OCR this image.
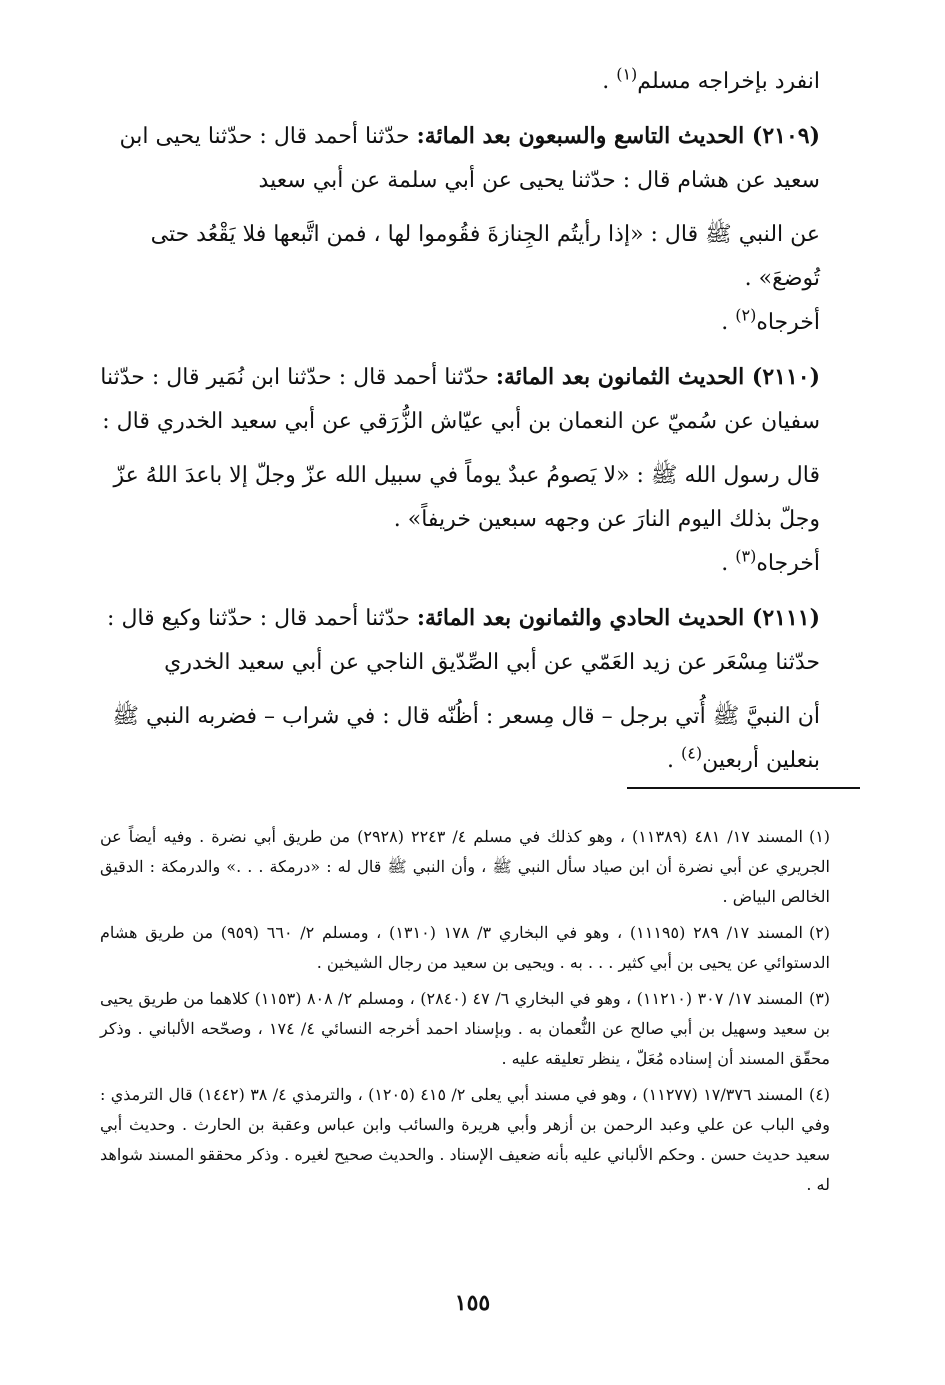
انفرد بإخراجه مسلم$^{(١)}$ .

(٢١٠٩) الحديث التاسع والسبعون بعد المائة: حدّثنا أحمد قال : حدّثنا يحيى ابن سعيد عن هشام قال : حدّثنا يحيى عن أبي سلمة عن أبي سعيد

عن النبي ﷺ قال : «إذا رأيتُم الجِنازةَ فقُوموا لها ، فمن اتَّبعها فلا يَقْعُد حتى تُوضعَ» .

أخرجاه$^{(٢)}$ .

(٢١١٠) الحديث الثمانون بعد المائة: حدّثنا أحمد قال : حدّثنا ابن نُمَير قال : حدّثنا سفيان عن سُميّ عن النعمان بن أبي عيّاش الزُّرَقي عن أبي سعيد الخدري قال :

قال رسول الله ﷺ : «لا يَصومُ عبدٌ يوماً في سبيل الله عزّ وجلّ إلا باعدَ اللهُ عزّ وجلّ بذلك اليوم النارَ عن وجهه سبعين خريفاً» .

أخرجاه$^{(٣)}$ .

(٢١١١) الحديث الحادي والثمانون بعد المائة: حدّثنا أحمد قال : حدّثنا وكيع قال : حدّثنا مِسْعَر عن زيد العَمّي عن أبي الصِّدّيق الناجي عن أبي سعيد الخدري

أن النبيَّ ﷺ أُتي برجل – قال مِسعر : أظُنّه قال : في شراب – فضربه النبي ﷺ بنعلين أربعين$^{(٤)}$ .

(١)المسند ١٧/ ٤٨١ (١١٣٨٩) ، وهو كذلك في مسلم ٤/ ٢٢٤٣ (٢٩٢٨) من طريق أبي نضرة . وفيه أيضاً عن الجريري عن أبي نضرة أن ابن صياد سأل النبي ﷺ ، وأن النبي ﷺ قال له : «درمكة . . .» والدرمكة : الدقيق الخالص البياض .

(٢)المسند ١٧/ ٢٨٩ (١١١٩٥) ، وهو في البخاري ٣/ ١٧٨ (١٣١٠) ، ومسلم ٢/ ٦٦٠ (٩٥٩) من طريق هشام الدستوائي عن يحيى بن أبي كثير . . . به . ويحيى بن سعيد من رجال الشيخين .

(٣)المسند ١٧/ ٣٠٧ (١١٢١٠) ، وهو في البخاري ٦/ ٤٧ (٢٨٤٠) ، ومسلم ٢/ ٨٠٨ (١١٥٣) كلاهما من طريق يحيى بن سعيد وسهيل بن أبي صالح عن النُّعمان به . وبإسناد احمد أخرجه النسائي ٤/ ١٧٤ ، وصحّحه الألباني . وذكر محقّق المسند أن إسناده مُعَلّ ، ينظر تعليقه عليه .

(٤)المسند ١٧/٣٧٦ (١١٢٧٧) ، وهو في مسند أبي يعلى ٢/ ٤١٥ (١٢٠٥) ، والترمذي ٤/ ٣٨ (١٤٤٢) قال الترمذي : وفي الباب عن علي وعبد الرحمن بن أزهر وأبي هريرة والسائب وابن عباس وعقبة بن الحارث . وحديث أبي سعيد حديث حسن . وحكم الألباني عليه بأنه ضعيف الإسناد . والحديث صحيح لغيره . وذكر محققو المسند شواهد له .

١٥٥
